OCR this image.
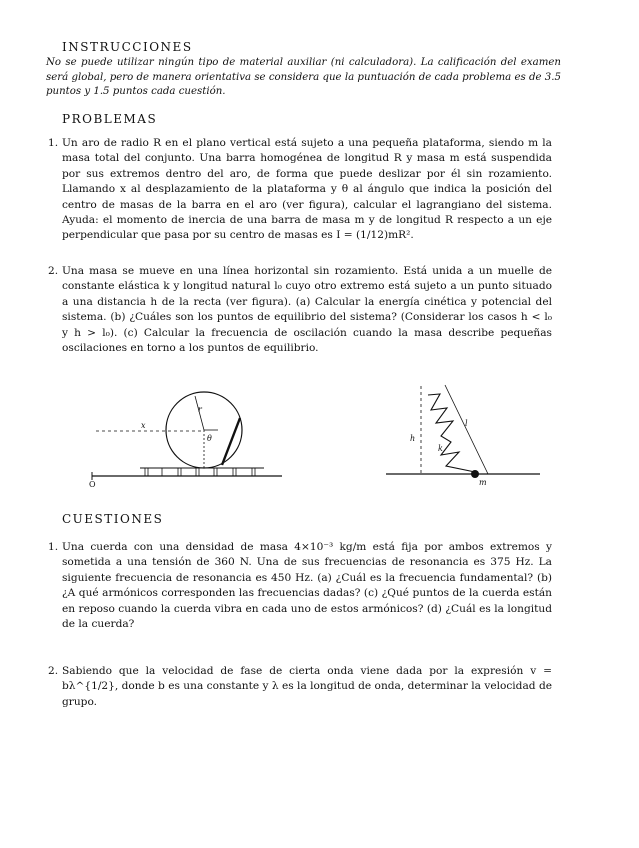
INSTRUCCIONES
No se puede utilizar ningún tipo de material auxiliar (ni calculadora). La calificación del examen será global, pero de manera orientativa se considera que la puntuación de cada problema es de 3.5 puntos y 1.5 puntos cada cuestión.
PROBLEMAS
1. Un aro de radio R en el plano vertical está sujeto a una pequeña plataforma, siendo m la masa total del conjunto. Una barra homogénea de longitud R y masa m está suspendida por sus extremos dentro del aro, de forma que puede deslizar por él sin rozamiento. Llamando x al desplazamiento de la plataforma y θ al ángulo que indica la posición del centro de masas de la barra en el aro (ver figura), calcular el lagrangiano del sistema. Ayuda: el momento de inercia de una barra de masa m y de longitud R respecto a un eje perpendicular que pasa por su centro de masas es I = (1/12)mR².
2. Una masa se mueve en una línea horizontal sin rozamiento. Está unida a un muelle de constante elástica k y longitud natural l₀ cuyo otro extremo está sujeto a un punto situado a una distancia h de la recta (ver figura). (a) Calcular la energía cinética y potencial del sistema. (b) ¿Cuáles son los puntos de equilibrio del sistema? (Considerar los casos h < l₀ y h > l₀). (c) Calcular la frecuencia de oscilación cuando la masa describe pequeñas oscilaciones en torno a los puntos de equilibrio.
O
x
r
θ	h
l
k
m
CUESTIONES
1. Una cuerda con una densidad de masa 4×10⁻³ kg/m está fija por ambos extremos y sometida a una tensión de 360 N. Una de sus frecuencias de resonancia es 375 Hz. La siguiente frecuencia de resonancia es 450 Hz. (a) ¿Cuál es la frecuencia fundamental? (b) ¿A qué armónicos corresponden las frecuencias dadas? (c) ¿Qué puntos de la cuerda están en reposo cuando la cuerda vibra en cada uno de estos armónicos? (d) ¿Cuál es la longitud de la cuerda?
2. Sabiendo que la velocidad de fase de cierta onda viene dada por la expresión v = bλ^{1/2}, donde b es una constante y λ es la longitud de onda, determinar la velocidad de grupo.
